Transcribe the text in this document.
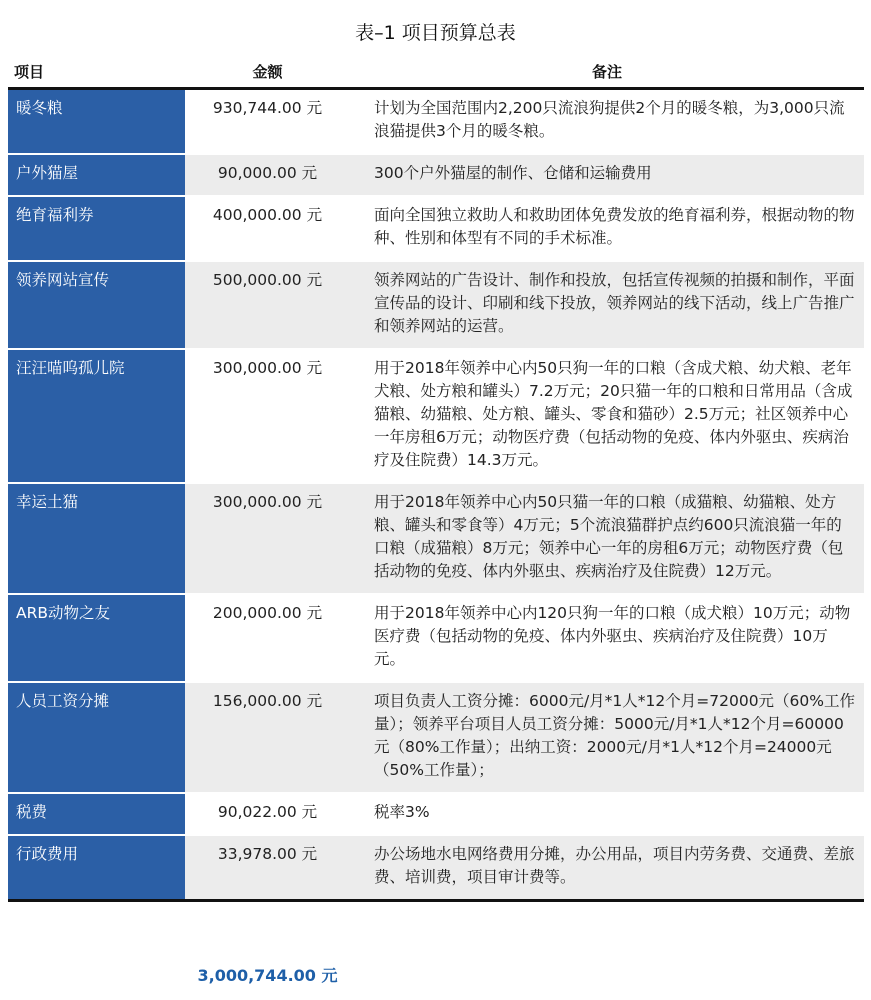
表–1 项目预算总表
项目	金额	备注
暖冬粮	930,744.00 元	计划为全国范围内2,200只流浪狗提供2个月的暖冬粮，为3,000只流浪猫提供3个月的暖冬粮。
户外猫屋	90,000.00 元	300个户外猫屋的制作、仓储和运输费用
绝育福利券	400,000.00 元	面向全国独立救助人和救助团体免费发放的绝育福利券，根据动物的物种、性别和体型有不同的手术标准。
领养网站宣传	500,000.00 元	领养网站的广告设计、制作和投放，包括宣传视频的拍摄和制作，平面宣传品的设计、印刷和线下投放，领养网站的线下活动，线上广告推广和领养网站的运营。
汪汪喵呜孤儿院	300,000.00 元	用于2018年领养中心内50只狗一年的口粮（含成犬粮、幼犬粮、老年犬粮、处方粮和罐头）7.2万元；20只猫一年的口粮和日常用品（含成猫粮、幼猫粮、处方粮、罐头、零食和猫砂）2.5万元；社区领养中心一年房租6万元；动物医疗费（包括动物的免疫、体内外驱虫、疾病治疗及住院费）14.3万元。
幸运土猫	300,000.00 元	用于2018年领养中心内50只猫一年的口粮（成猫粮、幼猫粮、处方粮、罐头和零食等）4万元；5个流浪猫群护点约600只流浪猫一年的口粮（成猫粮）8万元；领养中心一年的房租6万元；动物医疗费（包括动物的免疫、体内外驱虫、疾病治疗及住院费）12万元。
ARB动物之友	200,000.00 元	用于2018年领养中心内120只狗一年的口粮（成犬粮）10万元；动物医疗费（包括动物的免疫、体内外驱虫、疾病治疗及住院费）10万元。
人员工资分摊	156,000.00 元	项目负责人工资分摊：6000元/月*1人*12个月=72000元（60%工作量）；领养平台项目人员工资分摊：5000元/月*1人*12个月=60000元（80%工作量）；出纳工资：2000元/月*1人*12个月=24000元（50%工作量）；
税费	90,022.00 元	税率3%
行政费用	33,978.00 元	办公场地水电网络费用分摊，办公用品，项目内劳务费、交通费、差旅费、培训费，项目审计费等。
3,000,744.00 元
